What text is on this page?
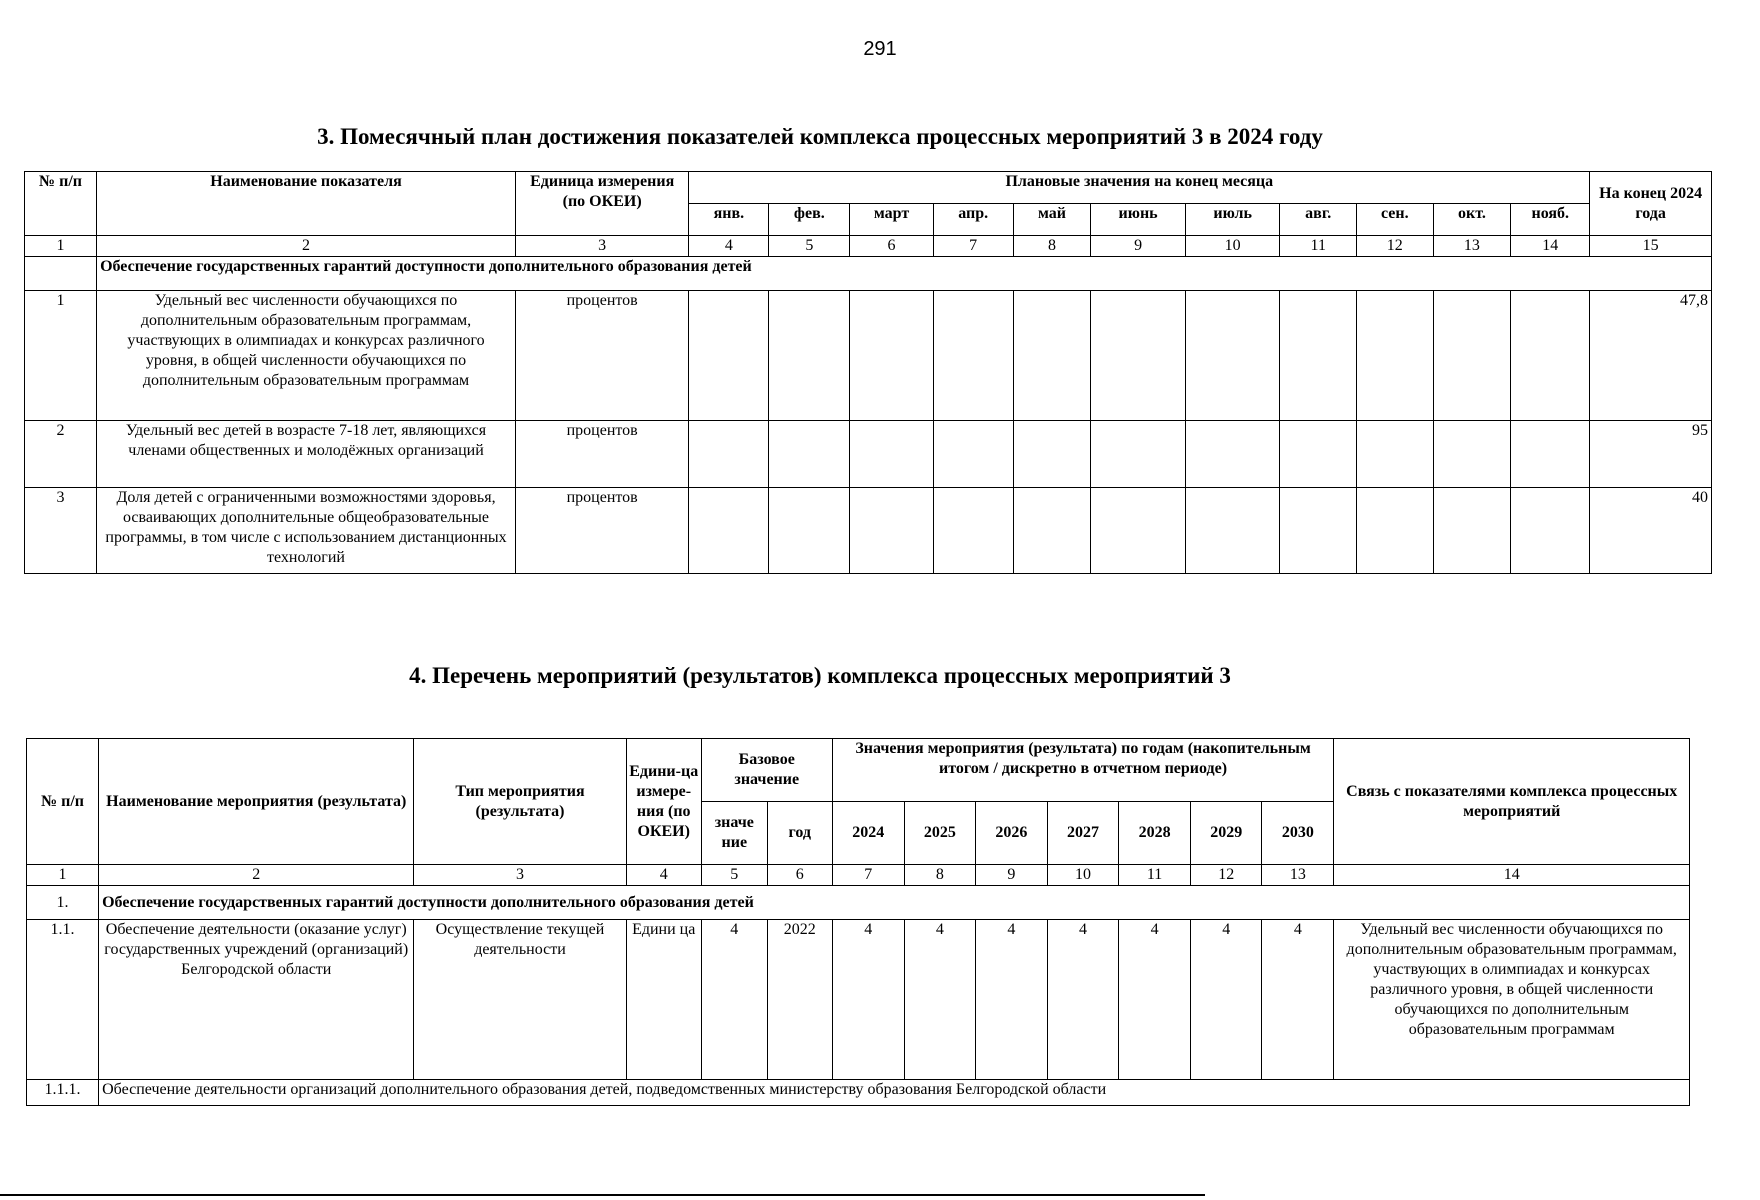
291
3. Помесячный план достижения показателей комплекса процессных мероприятий 3 в 2024 году
№ п/п	Наименование показателя	Единица измерения (по ОКЕИ)	Плановые значения на конец месяца											На конец 2024 года
			янв.	фев.	март	апр.	май	июнь	июль	авг.	сен.	окт.	нояб.	
1	2	3	4	5	6	7	8	9	10	11	12	13	14	15
	Обеспечение государственных гарантий доступности дополнительного образования детей													
1	Удельный вес численности обучающихся по дополнительным образовательным программам, участвующих в олимпиадах и конкурсах различного уровня, в общей численности обучающихся по дополнительным образовательным программам	процентов												47,8
2	Удельный вес детей в возрасте 7-18 лет, являющихся членами общественных и молодёжных организаций	процентов												95
3	Доля детей с ограниченными возможностями здоровья, осваивающих дополнительные общеобразовательные программы, в том числе с использованием дистанционных технологий	процентов												40
4. Перечень мероприятий (результатов) комплекса процессных мероприятий 3
№ п/п	Наименование мероприятия (результата)	Тип мероприятия (результата)	Едини-ца измере-ния (по ОКЕИ)	Базовое значение		Значения мероприятия (результата) по годам (накопительным итогом / дискретно в отчетном периоде)							Связь с показателями комплекса процессных мероприятий
				значе ние	год	2024	2025	2026	2027	2028	2029	2030	
1	2	3	4	5	6	7	8	9	10	11	12	13	14
1.	Обеспечение государственных гарантий доступности дополнительного образования детей												
1.1.	Обеспечение деятельности (оказание услуг) государственных учреждений (организаций) Белгородской области	Осуществление текущей деятельности	Едини ца	4	2022	4	4	4	4	4	4	4	Удельный вес численности обучающихся по дополнительным образовательным программам, участвующих в олимпиадах и конкурсах различного уровня, в общей численности обучающихся по дополнительным образовательным программам
1.1.1.	Обеспечение деятельности организаций дополнительного образования детей, подведомственных министерству образования Белгородской области												
